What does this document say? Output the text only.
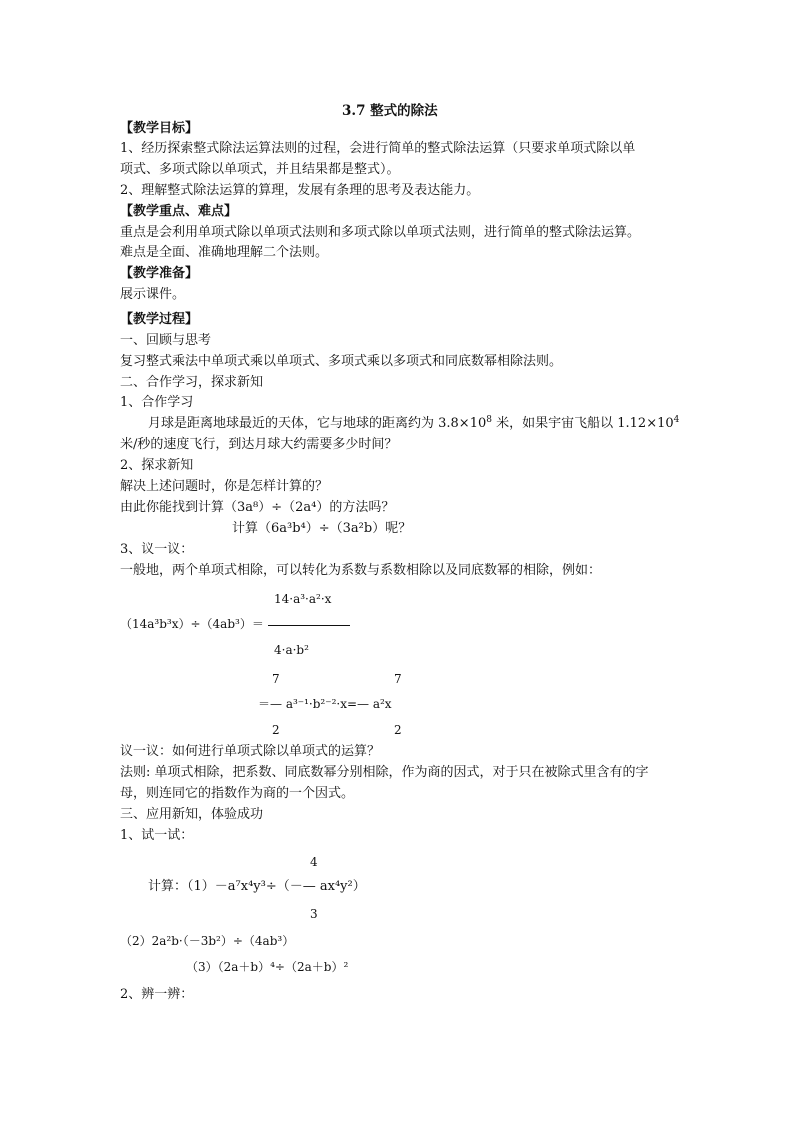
3.7 整式的除法
【教学目标】
1、经历探索整式除法运算法则的过程，会进行简单的整式除法运算（只要求单项式除以单
项式、多项式除以单项式，并且结果都是整式）。
2、理解整式除法运算的算理，发展有条理的思考及表达能力。
【教学重点、难点】
重点是会利用单项式除以单项式法则和多项式除以单项式法则，进行简单的整式除法运算。
难点是全面、准确地理解二个法则。
【教学准备】
展示课件。
【教学过程】
一、回顾与思考
复习整式乘法中单项式乘以单项式、多项式乘以多项式和同底数幂相除法则。
二、合作学习，探求新知
1、合作学习
月球是距离地球最近的天体，它与地球的距离约为 $3.8\times 10^8$ 米，如果宇宙飞船以 $1.12\times 10^4$
米/秒的速度飞行，到达月球大约需要多少时间？
2、探求新知
解决上述问题时，你是怎样计算的？
由此你能找到计算（3a⁸）÷（2a⁴）的方法吗？
计算（6a³b⁴）÷（3a²b）呢？
3、议一议：
一般地，两个单项式相除，可以转化为系数与系数相除以及同底数幂的相除，例如：
14·a³·a²·x
（14a³b³x）÷（4ab³）＝
4·a·b²
7	7
＝— a³⁻¹·b²⁻²·x=— a²x
2	2
议一议：如何进行单项式除以单项式的运算？
法则: 单项式相除，把系数、同底数幂分别相除，作为商的因式，对于只在被除式里含有的字
母，则连同它的指数作为商的一个因式。
三、应用新知，体验成功
1、试一试：
4
计算：（1）－a⁷x⁴y³÷（－— ax⁴y²）
3
（2）2a²b·（－3b²）÷（4ab³）
（3）（2a＋b）⁴÷（2a＋b）²
2、辨一辨：
